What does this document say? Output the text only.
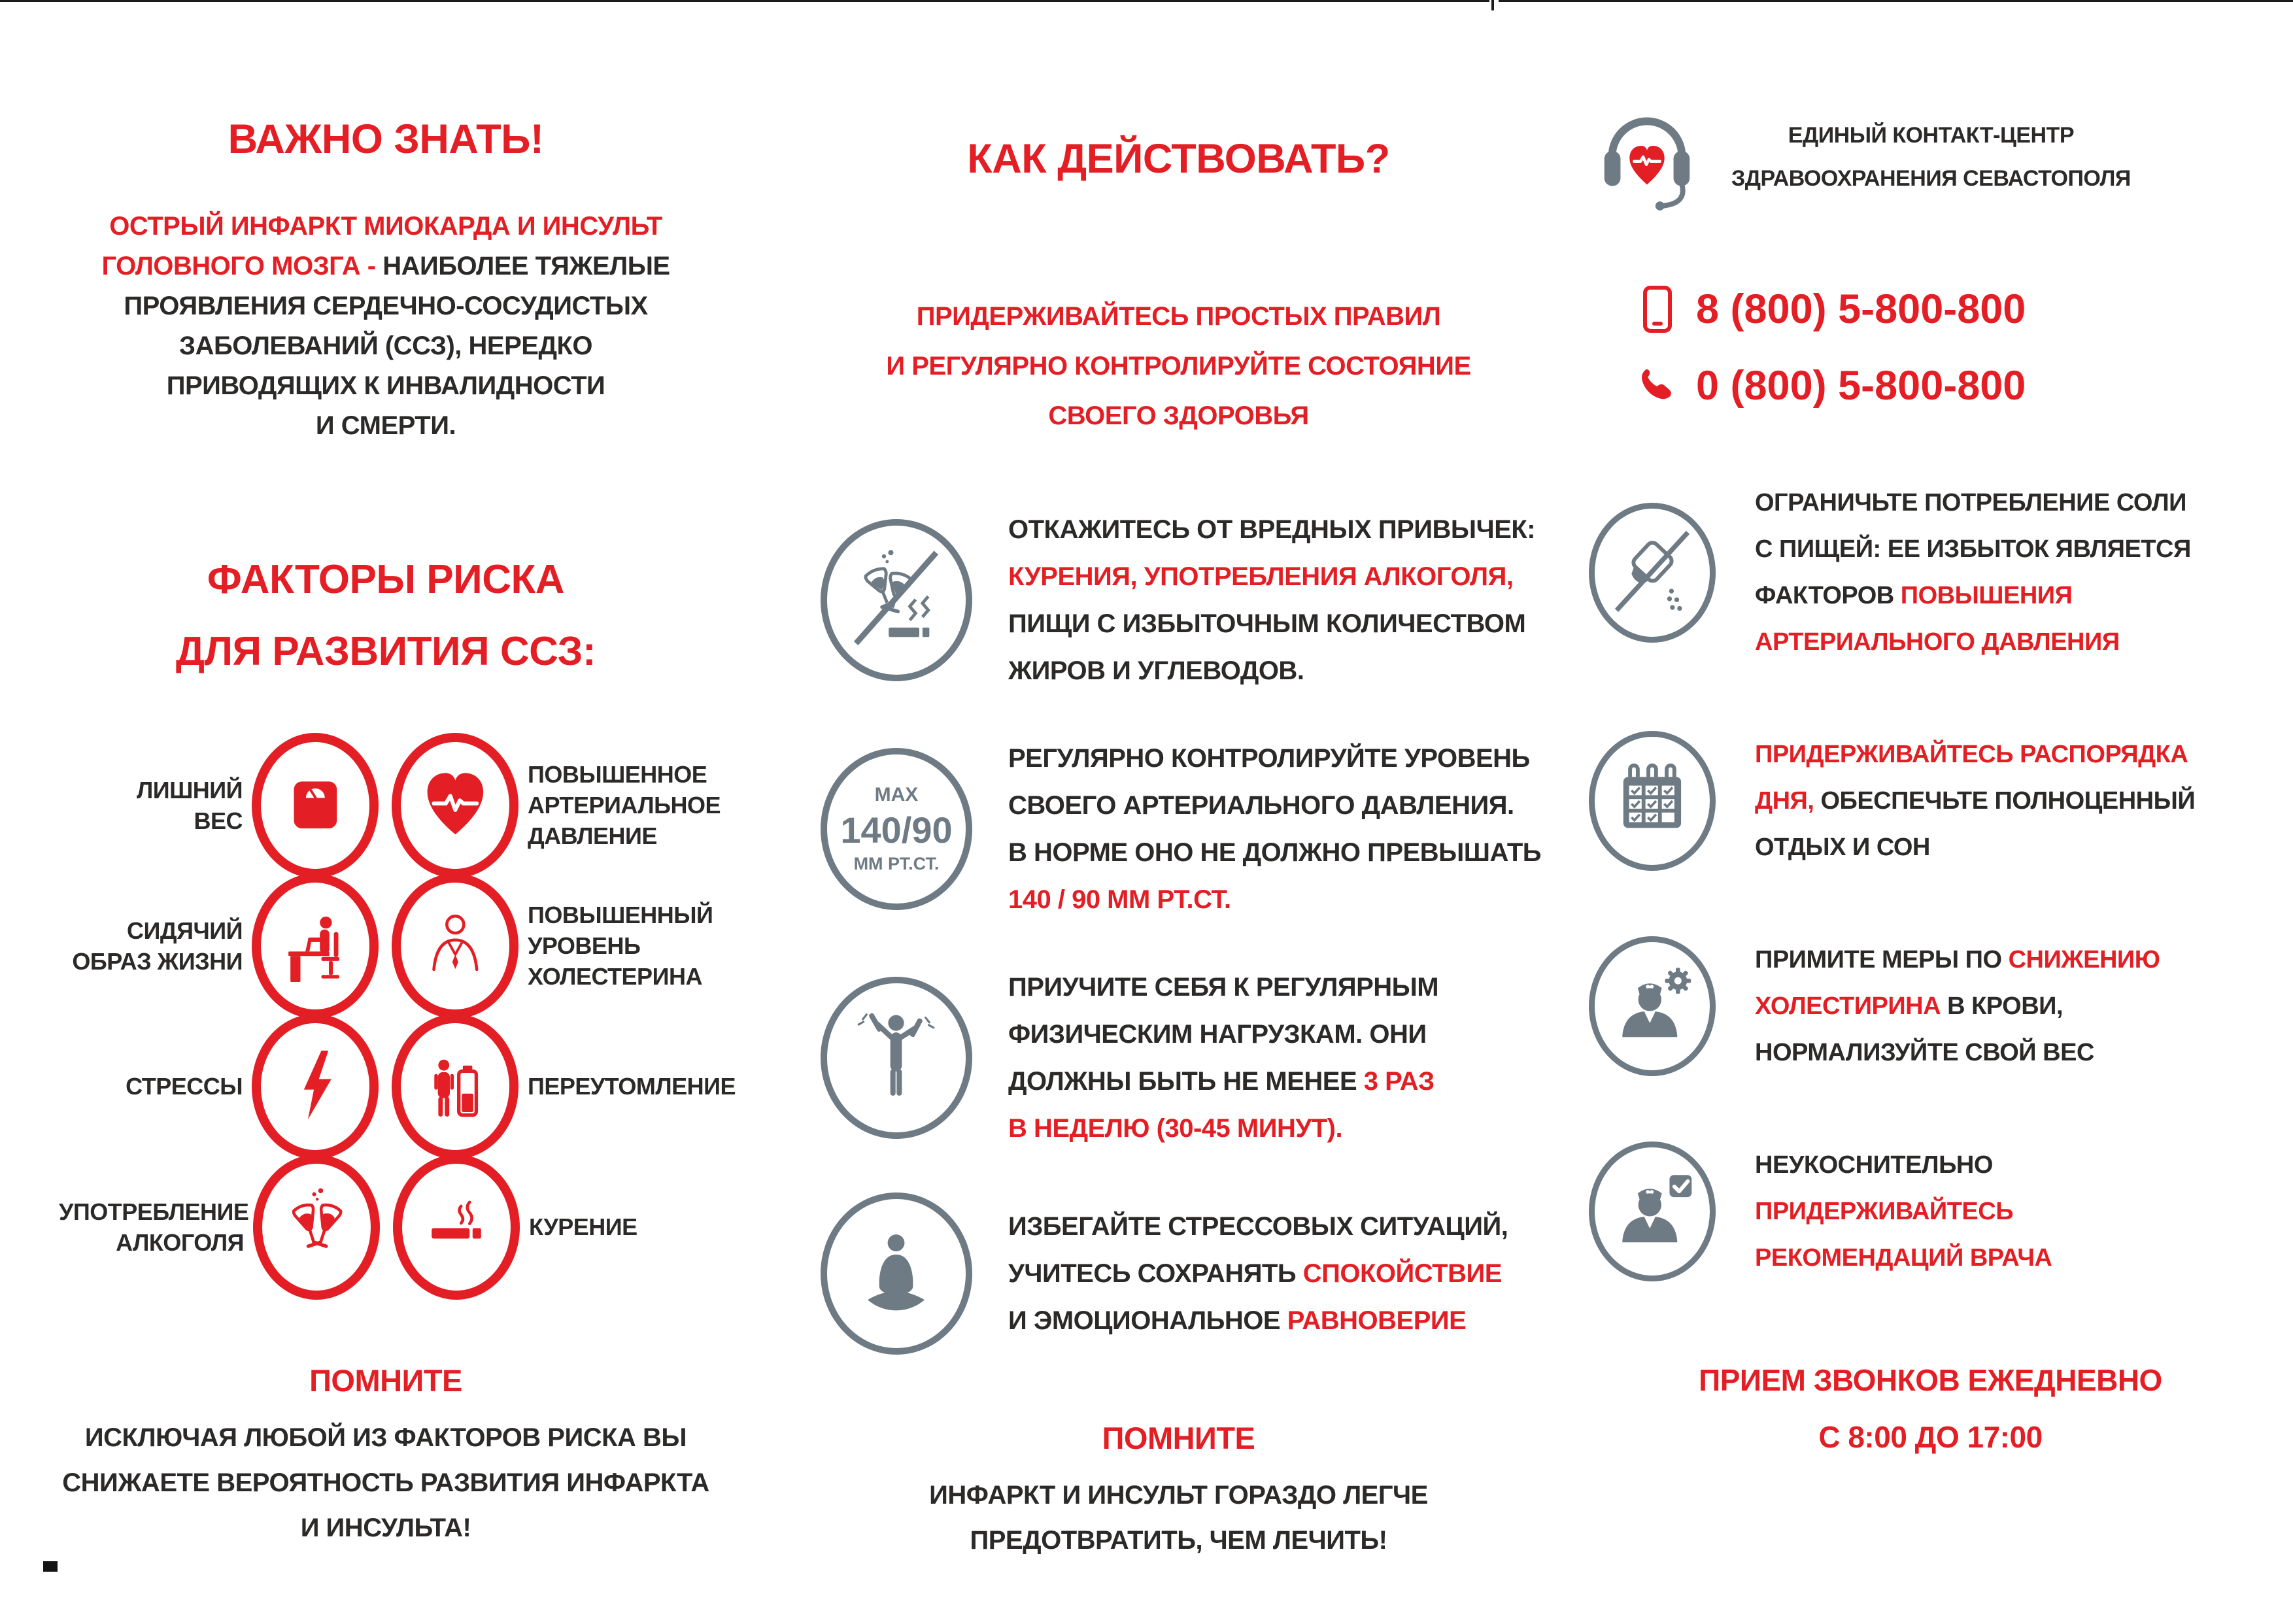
ВАЖНО ЗНАТЬ!
ОСТРЫЙ ИНФАРКТ МИОКАРДА И ИНСУЛЬТ
ГОЛОВНОГО МОЗГА - НАИБОЛЕЕ ТЯЖЕЛЫЕ
ПРОЯВЛЕНИЯ СЕРДЕЧНО-СОСУДИСТЫХ
ЗАБОЛЕВАНИЙ (ССЗ), НЕРЕДКО
ПРИВОДЯЩИХ К ИНВАЛИДНОСТИ
И СМЕРТИ.
ФАКТОРЫ РИСКА
ДЛЯ РАЗВИТИЯ ССЗ:
ЛИШНИЙ
ВЕС
ПОВЫШЕННОЕ
АРТЕРИАЛЬНОЕ
ДАВЛЕНИЕ
СИДЯЧИЙ
ОБРАЗ ЖИЗНИ
ПОВЫШЕННЫЙ
УРОВЕНЬ
ХОЛЕСТЕРИНА
СТРЕССЫ	ПЕРЕУТОМЛЕНИЕ
УПОТРЕБЛЕНИЕ
АЛКОГОЛЯ
КУРЕНИЕ
ПОМНИТЕ
ИСКЛЮЧАЯ ЛЮБОЙ ИЗ ФАКТОРОВ РИСКА ВЫ
СНИЖАЕТЕ ВЕРОЯТНОСТЬ РАЗВИТИЯ ИНФАРКТА
И ИНСУЛЬТА!
КАК ДЕЙСТВОВАТЬ?
ПРИДЕРЖИВАЙТЕСЬ ПРОСТЫХ ПРАВИЛ
И РЕГУЛЯРНО КОНТРОЛИРУЙТЕ СОСТОЯНИЕ
СВОЕГО ЗДОРОВЬЯ
ОТКАЖИТЕСЬ ОТ ВРЕДНЫХ ПРИВЫЧЕК:
КУРЕНИЯ, УПОТРЕБЛЕНИЯ АЛКОГОЛЯ,
ПИЩИ С ИЗБЫТОЧНЫМ КОЛИЧЕСТВОМ
ЖИРОВ И УГЛЕВОДОВ.
MAX
140/90
ММ РТ.СТ.
РЕГУЛЯРНО КОНТРОЛИРУЙТЕ УРОВЕНЬ
СВОЕГО АРТЕРИАЛЬНОГО ДАВЛЕНИЯ.
В НОРМЕ ОНО НЕ ДОЛЖНО ПРЕВЫШАТЬ
140 / 90 ММ РТ.СТ.
ПРИУЧИТЕ СЕБЯ К РЕГУЛЯРНЫМ
ФИЗИЧЕСКИМ НАГРУЗКАМ. ОНИ
ДОЛЖНЫ БЫТЬ НЕ МЕНЕЕ 3 РАЗ
В НЕДЕЛЮ (30-45 МИНУТ).
ИЗБЕГАЙТЕ СТРЕССОВЫХ СИТУАЦИЙ,
УЧИТЕСЬ СОХРАНЯТЬ СПОКОЙСТВИЕ
И ЭМОЦИОНАЛЬНОЕ РАВНОВЕРИЕ
ПОМНИТЕ
ИНФАРКТ И ИНСУЛЬТ ГОРАЗДО ЛЕГЧЕ
ПРЕДОТВРАТИТЬ, ЧЕМ ЛЕЧИТЬ!
ЕДИНЫЙ КОНТАКТ-ЦЕНТР
ЗДРАВООХРАНЕНИЯ СЕВАСТОПОЛЯ
8 (800) 5-800-800
0 (800) 5-800-800
ОГРАНИЧЬТЕ ПОТРЕБЛЕНИЕ СОЛИ
С ПИЩЕЙ: ЕЕ ИЗБЫТОК ЯВЛЯЕТСЯ
ФАКТОРОВ ПОВЫШЕНИЯ
АРТЕРИАЛЬНОГО ДАВЛЕНИЯ
ПРИДЕРЖИВАЙТЕСЬ РАСПОРЯДКА
ДНЯ, ОБЕСПЕЧЬТЕ ПОЛНОЦЕННЫЙ
ОТДЫХ И СОН
ПРИМИТЕ МЕРЫ ПО СНИЖЕНИЮ
ХОЛЕСТИРИНА В КРОВИ,
НОРМАЛИЗУЙТЕ СВОЙ ВЕС
НЕУКОСНИТЕЛЬНО
ПРИДЕРЖИВАЙТЕСЬ
РЕКОМЕНДАЦИЙ ВРАЧА
ПРИЕМ ЗВОНКОВ ЕЖЕДНЕВНО
С 8:00 ДО 17:00
